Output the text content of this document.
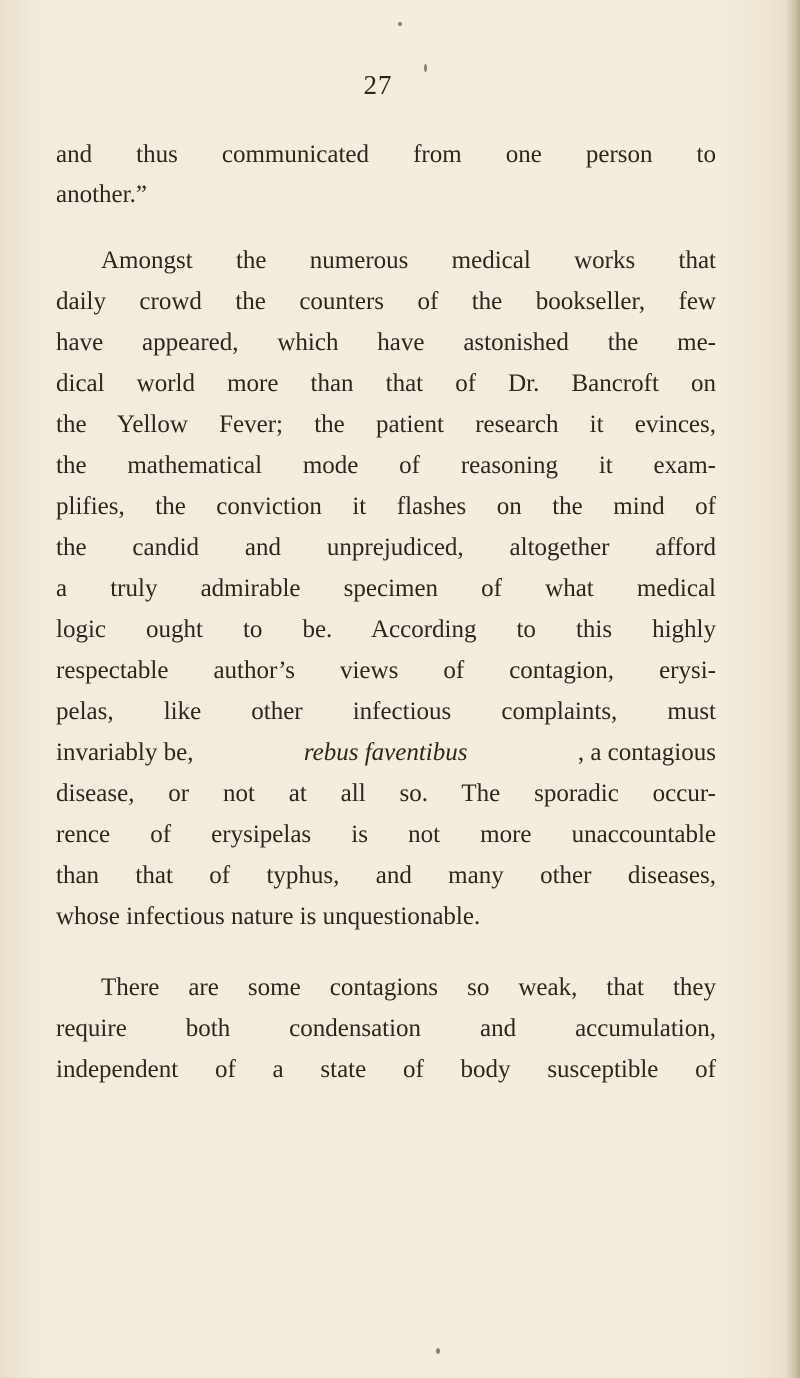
27
and thus communicated from one person to
another.”
Amongst the numerous medical works that
daily crowd the counters of the bookseller, few
have appeared, which have astonished the me-
dical world more than that of Dr. Bancroft on
the Yellow Fever; the patient research it evinces,
the mathematical mode of reasoning it exam-
plifies, the conviction it flashes on the mind of
the candid and unprejudiced, altogether afford
a truly admirable specimen of what medical
logic ought to be. According to this highly
respectable author’s views of contagion, erysi-
pelas, like other infectious complaints, must
invariably be,	rebus faventibus	, a contagious
disease, or not at all so. The sporadic occur-
rence of erysipelas is not more unaccountable
than that of typhus, and many other diseases,
whose infectious nature is unquestionable.
There are some contagions so weak, that they
require both condensation and accumulation,
independent of a state of body susceptible of
